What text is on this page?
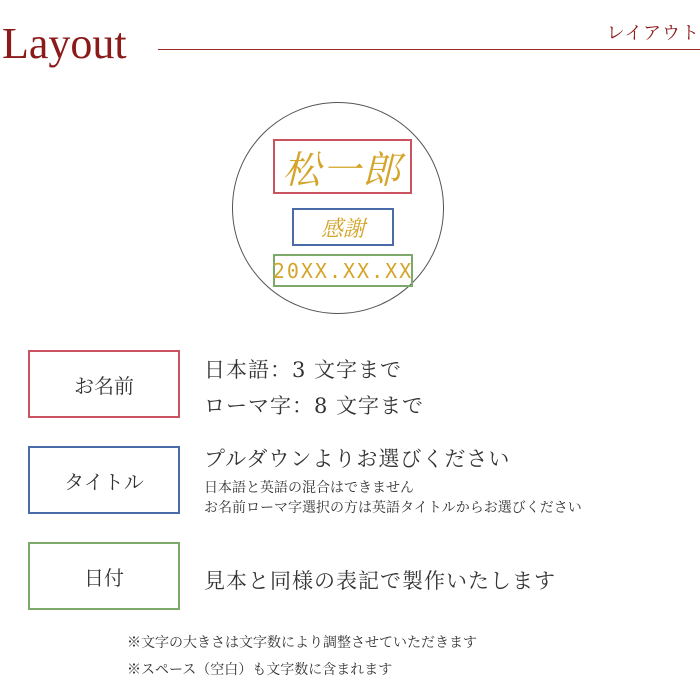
Layout	レイアウト
松一郎
感謝
20XX.XX.XX
お名前
日本語：3 文字まで
ローマ字：8 文字まで
タイトル
プルダウンよりお選びください
日本語と英語の混合はできません
お名前ローマ字選択の方は英語タイトルからお選びください
日付	見本と同様の表記で製作いたします
※文字の大きさは文字数により調整させていただきます
※スペース（空白）も文字数に含まれます
